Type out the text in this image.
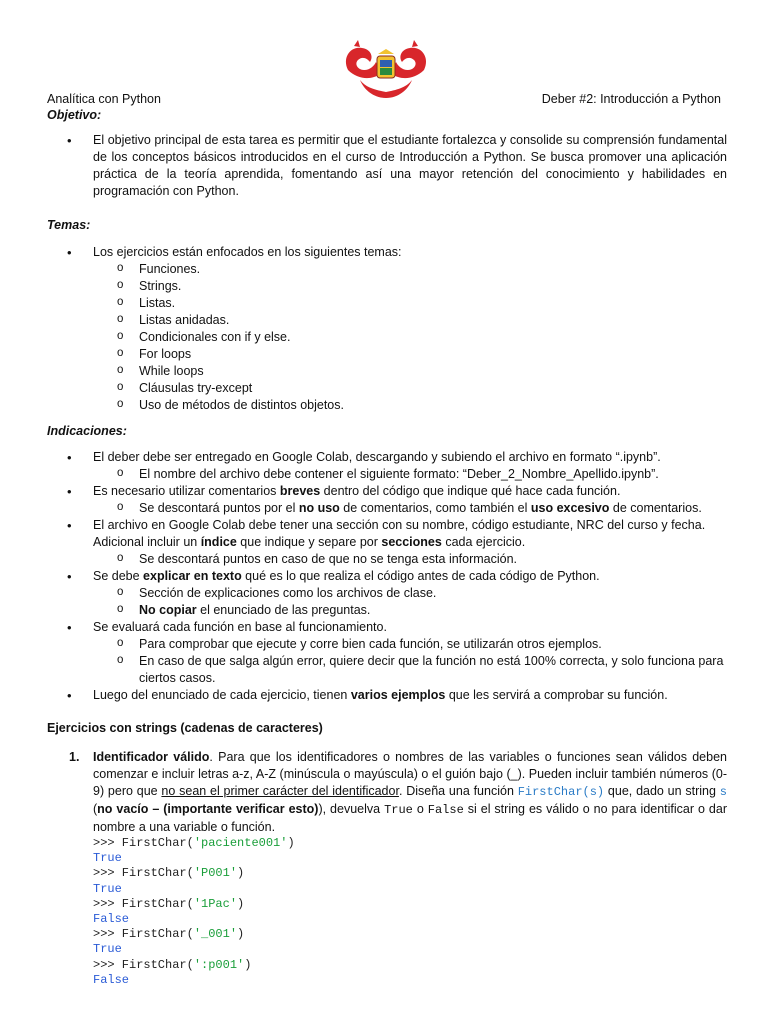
Analítica con Python	Deber #2: Introducción a Python
Objetivo:
• El objetivo principal de esta tarea es permitir que el estudiante fortalezca y consolide su comprensión fundamental de los conceptos básicos introducidos en el curso de Introducción a Python. Se busca promover una aplicación práctica de la teoría aprendida, fomentando así una mayor retención del conocimiento y habilidades en programación con Python.
Temas:
• Los ejercicios están enfocados en los siguientes temas:
o Funciones.
o Strings.
o Listas.
o Listas anidadas.
o Condicionales con if y else.
o For loops
o While loops
o Cláusulas try-except
o Uso de métodos de distintos objetos.
Indicaciones:
• El deber debe ser entregado en Google Colab, descargando y subiendo el archivo en formato “.ipynb”.
o El nombre del archivo debe contener el siguiente formato: “Deber_2_Nombre_Apellido.ipynb”.
• Es necesario utilizar comentarios breves dentro del código que indique qué hace cada función.
o Se descontará puntos por el no uso de comentarios, como también el uso excesivo de comentarios.
• El archivo en Google Colab debe tener una sección con su nombre, código estudiante, NRC del curso y fecha. Adicional incluir un índice que indique y separe por secciones cada ejercicio.
o Se descontará puntos en caso de que no se tenga esta información.
• Se debe explicar en texto qué es lo que realiza el código antes de cada código de Python.
o Sección de explicaciones como los archivos de clase.
o No copiar el enunciado de las preguntas.
• Se evaluará cada función en base al funcionamiento.
o Para comprobar que ejecute y corre bien cada función, se utilizarán otros ejemplos.
o En caso de que salga algún error, quiere decir que la función no está 100% correcta, y solo funciona para ciertos casos.
• Luego del enunciado de cada ejercicio, tienen varios ejemplos que les servirá a comprobar su función.
Ejercicios con strings (cadenas de caracteres)
1. Identificador válido. Para que los identificadores o nombres de las variables o funciones sean válidos deben comenzar e incluir letras a-z, A-Z (minúscula o mayúscula) o el guión bajo (_). Pueden incluir también números (0-9) pero que no sean el primer carácter del identificador. Diseña una función FirstChar(s) que, dado un string s (no vacío – (importante verificar esto)), devuelva True o False si el string es válido o no para identificar o dar nombre a una variable o función.
>>> FirstChar('paciente001')
True
>>> FirstChar('P001')
True
>>> FirstChar('1Pac')
False
>>> FirstChar('_001')
True
>>> FirstChar(':p001')
False
